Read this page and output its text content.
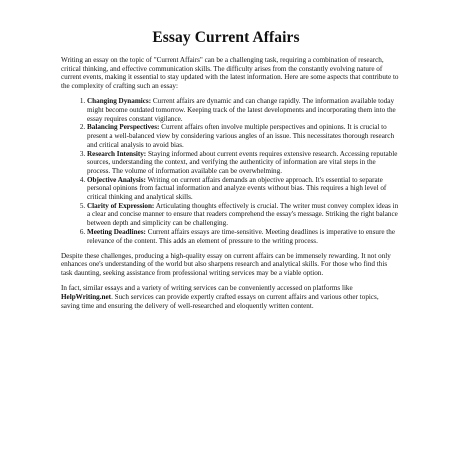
Essay Current Affairs

Writing an essay on the topic of "Current Affairs" can be a challenging task, requiring a combination of research, critical thinking, and effective communication skills. The difficulty arises from the constantly evolving nature of current events, making it essential to stay updated with the latest information. Here are some aspects that contribute to the complexity of crafting such an essay:

1. Changing Dynamics: Current affairs are dynamic and can change rapidly. The information available today might become outdated tomorrow. Keeping track of the latest developments and incorporating them into the essay requires constant vigilance.
2. Balancing Perspectives: Current affairs often involve multiple perspectives and opinions. It is crucial to present a well-balanced view by considering various angles of an issue. This necessitates thorough research and critical analysis to avoid bias.
3. Research Intensity: Staying informed about current events requires extensive research. Accessing reputable sources, understanding the context, and verifying the authenticity of information are vital steps in the process. The volume of information available can be overwhelming.
4. Objective Analysis: Writing on current affairs demands an objective approach. It's essential to separate personal opinions from factual information and analyze events without bias. This requires a high level of critical thinking and analytical skills.
5. Clarity of Expression: Articulating thoughts effectively is crucial. The writer must convey complex ideas in a clear and concise manner to ensure that readers comprehend the essay's message. Striking the right balance between depth and simplicity can be challenging.
6. Meeting Deadlines: Current affairs essays are time-sensitive. Meeting deadlines is imperative to ensure the relevance of the content. This adds an element of pressure to the writing process.

Despite these challenges, producing a high-quality essay on current affairs can be immensely rewarding. It not only enhances one's understanding of the world but also sharpens research and analytical skills. For those who find this task daunting, seeking assistance from professional writing services may be a viable option.

In fact, similar essays and a variety of writing services can be conveniently accessed on platforms like HelpWriting.net. Such services can provide expertly crafted essays on current affairs and various other topics, saving time and ensuring the delivery of well-researched and eloquently written content.
